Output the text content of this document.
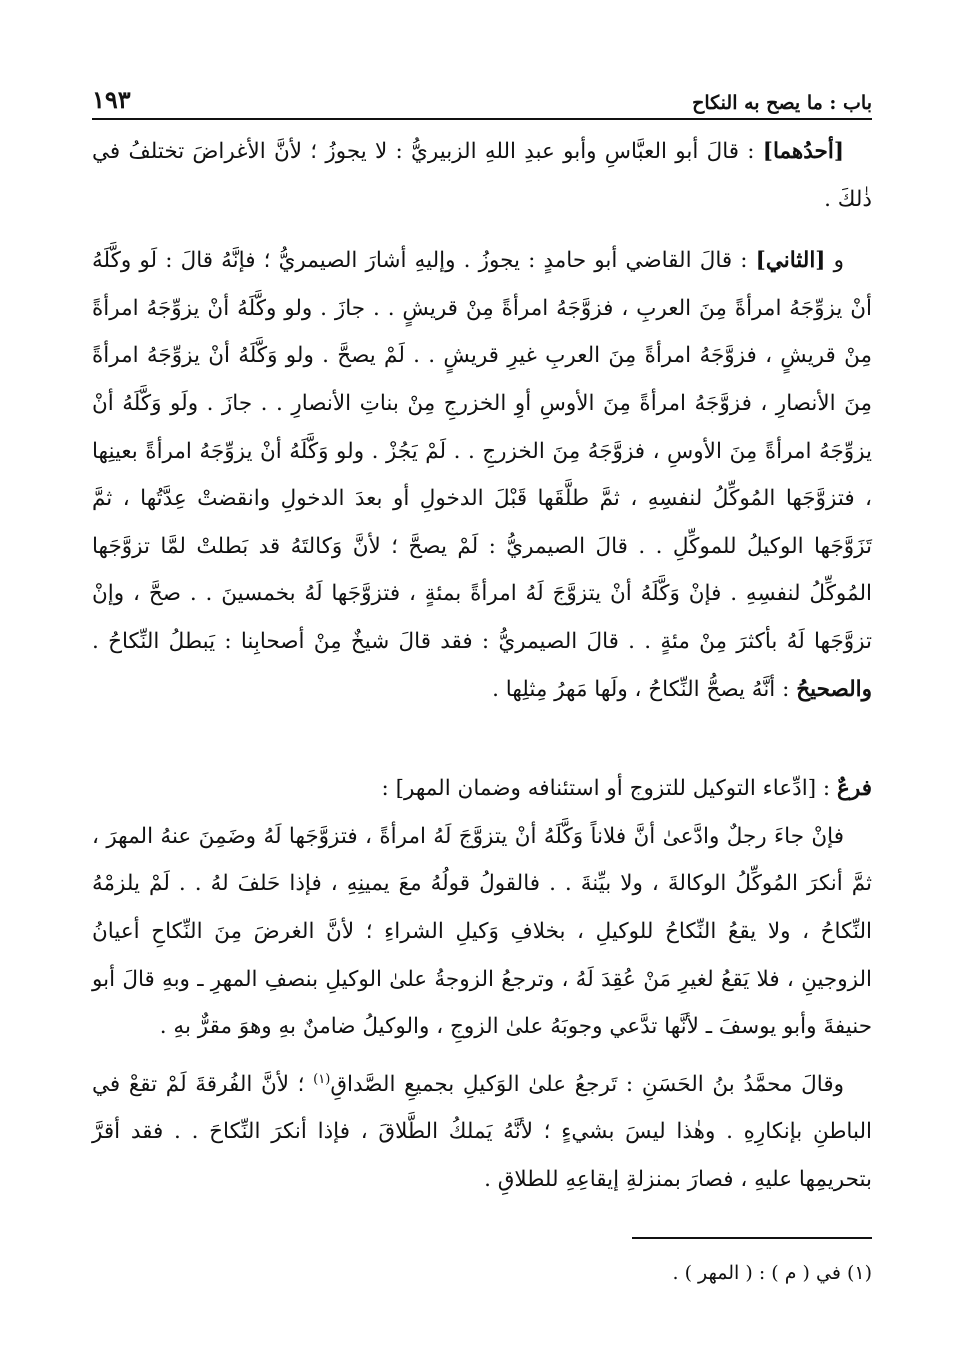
باب : ما يصح به النكاح
١٩٣

[أحدُهما] : قالَ أبو العبَّاسِ وأبو عبدِ اللهِ الزبيريُّ : لا يجوزُ ؛ لأنَّ الأغراضَ تختلفُ في ذٰلكَ .

و [الثاني] : قالَ القاضي أبو حامدٍ : يجوزُ . وإليهِ أشارَ الصيمريُّ ؛ فإنَّهُ قالَ : لَو وكَّلَهُ أنْ يزوِّجَهُ امرأةً مِنَ العربِ ، فزوَّجَهُ امرأةً مِنْ قريشٍ . . جازَ . ولو وكَّلَهُ أنْ يزوِّجَهُ امرأةً مِنْ قريشٍ ، فزوَّجَهُ امرأةً مِنَ العربِ غيرِ قريشٍ . . لَمْ يصحَّ . ولو وَكَّلَهُ أنْ يزوِّجَهُ امرأةً مِنَ الأنصارِ ، فزوَّجَهُ امرأةً مِنَ الأوسِ أوِ الخزرجِ مِنْ بناتِ الأنصارِ . . جازَ . ولَو وَكَّلَهُ أنْ يزوِّجَهُ امرأةً مِنَ الأوسِ ، فزوَّجَهُ مِنَ الخزرجِ . . لَمْ يَجُزْ . ولو وَكَّلَهُ أنْ يزوِّجَهُ امرأةً بعينِها ، فتزوَّجَها المُوكِّلُ لنفسِهِ ، ثمَّ طلَّقَها قَبْلَ الدخولِ أو بعدَ الدخولِ وانقضتْ عِدَّتُها ، ثمَّ تَزَوَّجَها الوكيلُ للموكِّلِ . . قالَ الصيمريُّ : لَمْ يصحَّ ؛ لأنَّ وَكالتَهُ قد بَطلتْ لمَّا تزوَّجَها المُوكِّلُ لنفسِهِ . فإنْ وَكَّلَهُ أنْ يتزوَّجَ لَهُ امرأةً بمئةٍ ، فتزوَّجَها لَهُ بخمسينَ . . صحَّ ، وإنْ تزوَّجَها لَهُ بأكثرَ مِنْ مئةٍ . . قالَ الصيمريُّ : فقد قالَ شيخٌ مِنْ أصحابِنا : يَبطلُ النِّكاحُ . والصحيحُ : أنَّهُ يصحُّ النِّكاحُ ، ولَها مَهرُ مِثلِها .

فرعٌ : [ادِّعاء التوكيل للتزوج أو استئنافه وضمان المهر] :

فإنْ جاءَ رجلٌ وادَّعىٰ أنَّ فلاناً وَكَّلَهُ أنْ يتزوَّجَ لَهُ امرأةً ، فتزوَّجَها لَهُ وضَمِنَ عنهُ المهرَ ، ثمَّ أنكرَ المُوكِّلُ الوكالةَ ، ولا بيِّنةَ . . فالقولُ قولُهُ معَ يمينِهِ ، فإذا حَلفَ لهُ . . لَمْ يلزمْهُ النِّكاحُ ، ولا يقعُ النِّكاحُ للوكيلِ ، بخلافِ وَكيلِ الشراءِ ؛ لأنَّ الغرضَ مِنَ النِّكاحِ أعيانُ الزوجينِ ، فلا يَقعُ لغيرِ مَنْ عُقِدَ لَهُ ، وترجعُ الزوجةُ علىٰ الوكيلِ بنصفِ المهرِ ـ وبهِ قالَ أبو حنيفةَ وأبو يوسفَ ـ لأنَّها تدَّعي وجوبَهُ علىٰ الزوجِ ، والوكيلُ ضامنٌ بهِ وهوَ مقرٌّ بهِ .

وقالَ محمَّدُ بنُ الحَسَنِ : تَرجعُ علىٰ الوَكيلِ بجميعِ الصَّداقِ$^{(١)}$ ؛ لأنَّ الفُرقةَ لَمْ تقعْ في الباطنِ بإنكارِهِ . وهٰذا ليسَ بشيءٍ ؛ لأنَّهُ يَملكُ الطَّلاقَ ، فإذا أنكرَ النِّكاحَ . . فقد أقرَّ بتحريمِها عليهِ ، فصارَ بمنزلةِ إيقاعِهِ للطلاقِ .

(١) في ( م ) : ( المهر ) .
